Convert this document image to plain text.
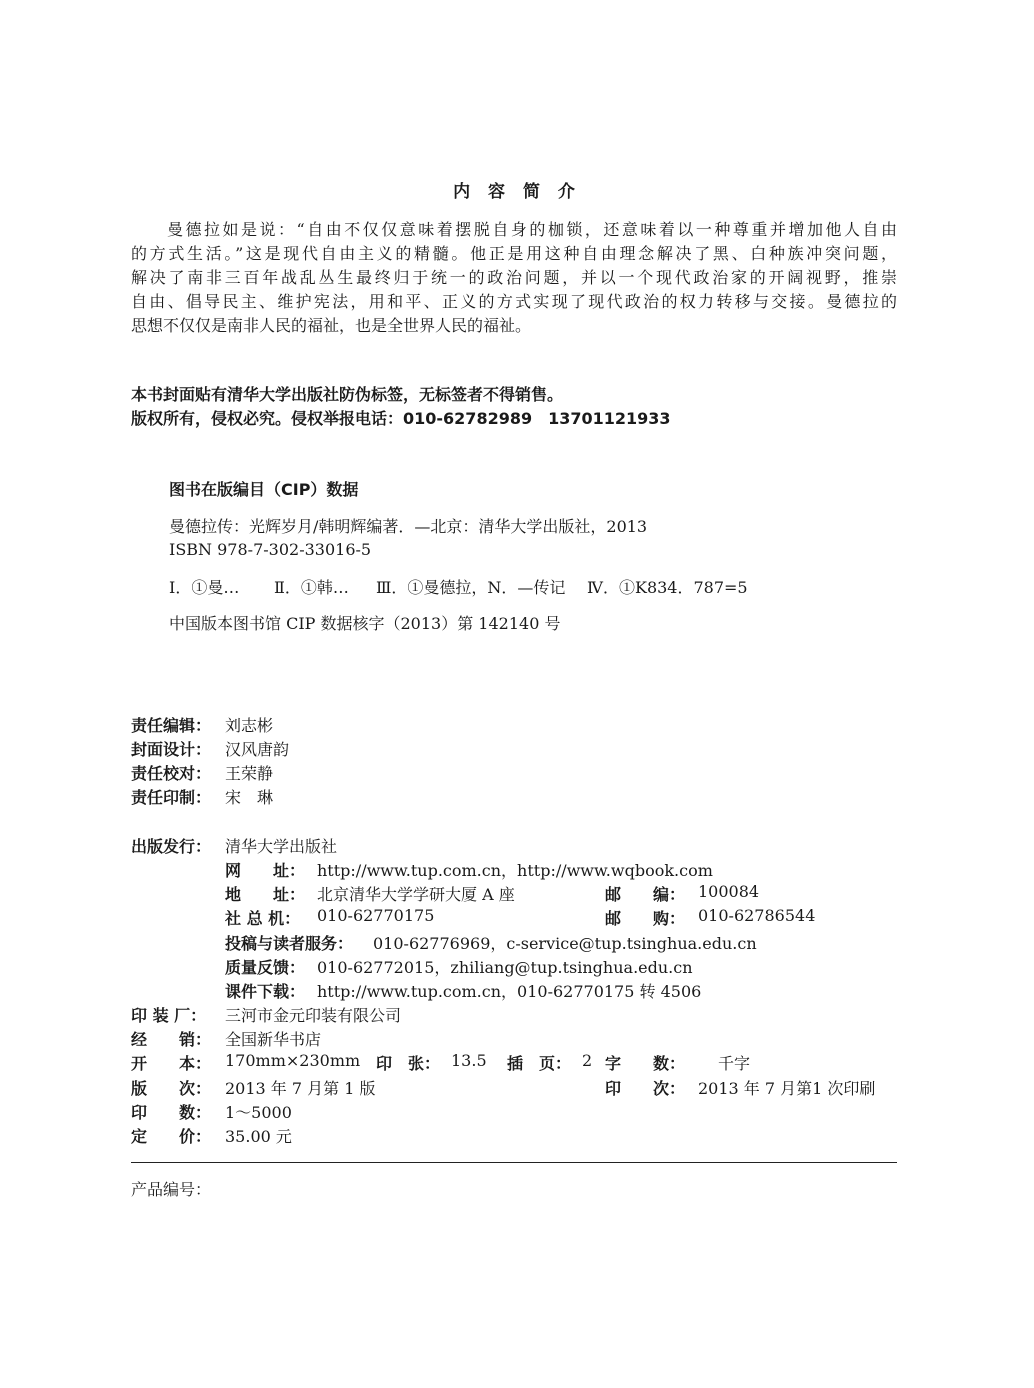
内 容 简 介
曼德拉如是说：“自由不仅仅意味着摆脱自身的枷锁，还意味着以一种尊重并增加他人自由
的方式生活。”这是现代自由主义的精髓。他正是用这种自由理念解决了黑、白种族冲突问题，
解决了南非三百年战乱丛生最终归于统一的政治问题，并以一个现代政治家的开阔视野，推崇
自由、倡导民主、维护宪法，用和平、正义的方式实现了现代政治的权力转移与交接。曼德拉的
思想不仅仅是南非人民的福祉，也是全世界人民的福祉。
本书封面贴有清华大学出版社防伪标签，无标签者不得销售。
版权所有，侵权必究。侵权举报电话：010-62782989　13701121933
图书在版编目（CIP）数据
曼德拉传：光辉岁月/韩明辉编著．—北京：清华大学出版社，2013
ISBN 978-7-302-33016-5
Ⅰ．①曼… Ⅱ．①韩… Ⅲ．①曼德拉，N．—传记 Ⅳ．①K834．787=5
中国版本图书馆 CIP 数据核字（2013）第 142140 号
责任编辑： 刘志彬
封面设计： 汉风唐韵
责任校对： 王荣静
责任印制： 宋　琳
出版发行： 清华大学出版社
网　　址： http://www.tup.com.cn，http://www.wqbook.com
地　　址： 北京清华大学学研大厦 A 座	邮　　编： 100084
社 总 机： 010-62770175	邮　　购： 010-62786544
投稿与读者服务： 010-62776969，c-service@tup.tsinghua.edu.cn
质量反馈： 010-62772015，zhiliang@tup.tsinghua.edu.cn
课件下载： http://www.tup.com.cn，010-62770175 转 4506
印 装 厂： 三河市金元印装有限公司
经　　销： 全国新华书店
开　　本： 170mm×230mm 印　张： 13.5 插　页： 2 字　　数： 千字
版　　次： 2013 年 7 月第 1 版	印　　次： 2013 年 7 月第1 次印刷
印　　数： 1～5000
定　　价： 35.00 元
产品编号：
